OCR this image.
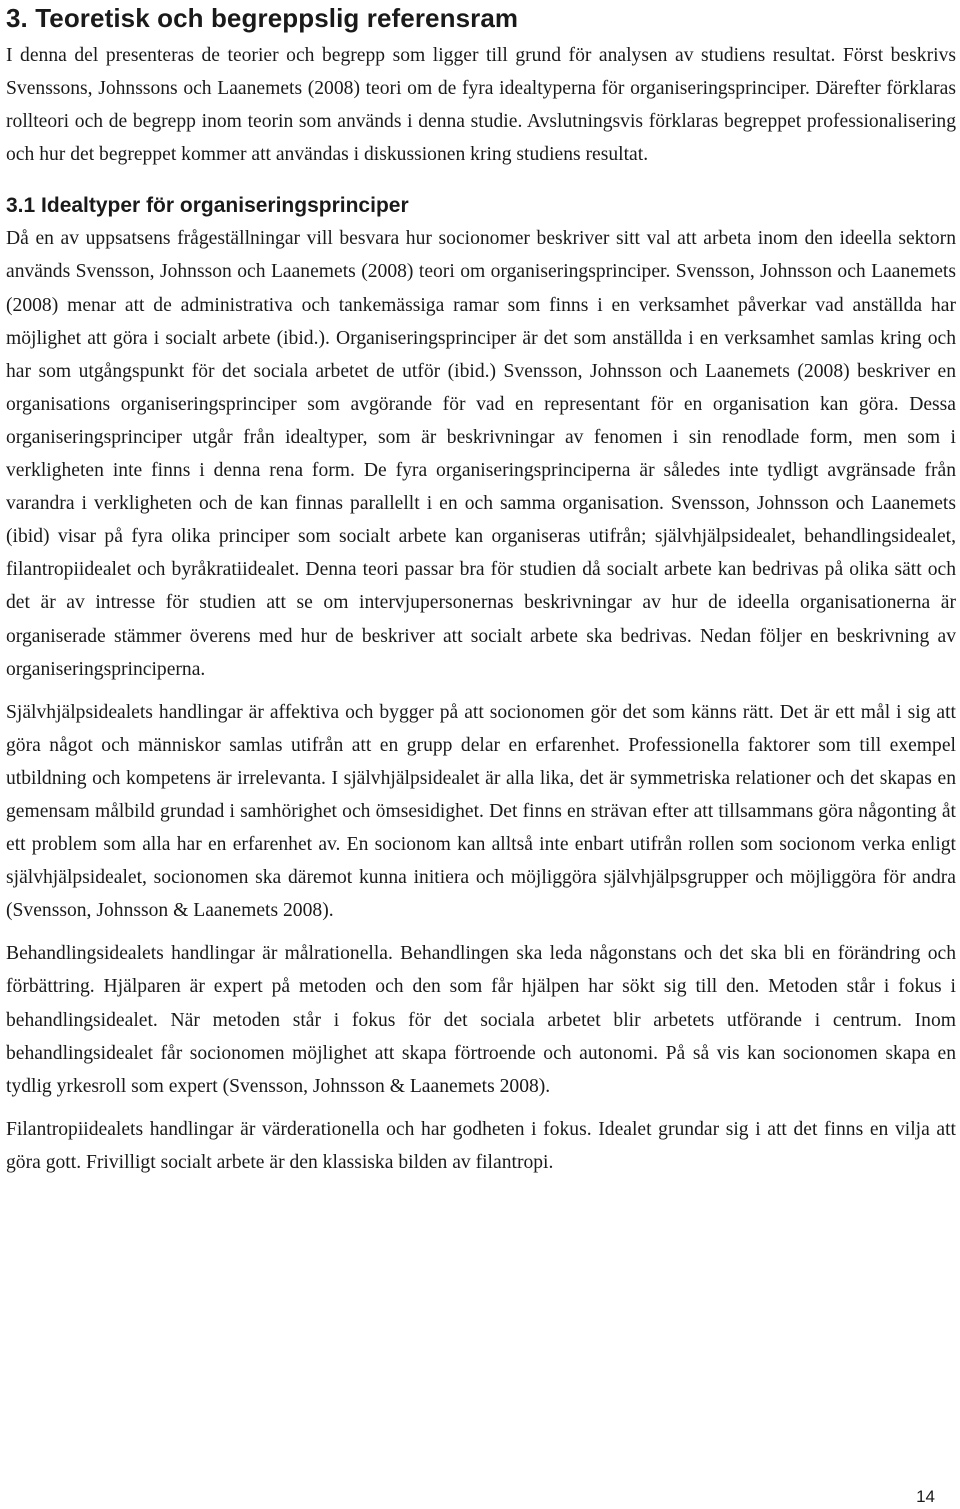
3. Teoretisk och begreppslig referensram

I denna del presenteras de teorier och begrepp som ligger till grund för analysen av studiens resultat. Först beskrivs Svenssons, Johnssons och Laanemets (2008) teori om de fyra idealtyperna för organiseringsprinciper. Därefter förklaras rollteori och de begrepp inom teorin som används i denna studie. Avslutningsvis förklaras begreppet professionalisering och hur det begreppet kommer att användas i diskussionen kring studiens resultat.

3.1 Idealtyper för organiseringsprinciper

Då en av uppsatsens frågeställningar vill besvara hur socionomer beskriver sitt val att arbeta inom den ideella sektorn används Svensson, Johnsson och Laanemets (2008) teori om organiseringsprinciper. Svensson, Johnsson och Laanemets (2008) menar att de administrativa och tankemässiga ramar som finns i en verksamhet påverkar vad anställda har möjlighet att göra i socialt arbete (ibid.). Organiseringsprinciper är det som anställda i en verksamhet samlas kring och har som utgångspunkt för det sociala arbetet de utför (ibid.) Svensson, Johnsson och Laanemets (2008) beskriver en organisations organiseringsprinciper som avgörande för vad en representant för en organisation kan göra. Dessa organiseringsprinciper utgår från idealtyper, som är beskrivningar av fenomen i sin renodlade form, men som i verkligheten inte finns i denna rena form. De fyra organiseringsprinciperna är således inte tydligt avgränsade från varandra i verkligheten och de kan finnas parallellt i en och samma organisation. Svensson, Johnsson och Laanemets (ibid) visar på fyra olika principer som socialt arbete kan organiseras utifrån; självhjälpsidealet, behandlingsidealet, filantropiidealet och byråkratiidealet. Denna teori passar bra för studien då socialt arbete kan bedrivas på olika sätt och det är av intresse för studien att se om intervjupersonernas beskrivningar av hur de ideella organisationerna är organiserade stämmer överens med hur de beskriver att socialt arbete ska bedrivas. Nedan följer en beskrivning av organiseringsprinciperna.

Självhjälpsidealets handlingar är affektiva och bygger på att socionomen gör det som känns rätt. Det är ett mål i sig att göra något och människor samlas utifrån att en grupp delar en erfarenhet. Professionella faktorer som till exempel utbildning och kompetens är irrelevanta. I självhjälpsidealet är alla lika, det är symmetriska relationer och det skapas en gemensam målbild grundad i samhörighet och ömsesidighet. Det finns en strävan efter att tillsammans göra någonting åt ett problem som alla har en erfarenhet av. En socionom kan alltså inte enbart utifrån rollen som socionom verka enligt självhjälpsidealet, socionomen ska däremot kunna initiera och möjliggöra självhjälpsgrupper och möjliggöra för andra (Svensson, Johnsson & Laanemets 2008).

Behandlingsidealets handlingar är målrationella. Behandlingen ska leda någonstans och det ska bli en förändring och förbättring. Hjälparen är expert på metoden och den som får hjälpen har sökt sig till den. Metoden står i fokus i behandlingsidealet. När metoden står i fokus för det sociala arbetet blir arbetets utförande i centrum. Inom behandlingsidealet får socionomen möjlighet att skapa förtroende och autonomi. På så vis kan socionomen skapa en tydlig yrkesroll som expert (Svensson, Johnsson & Laanemets 2008).

Filantropiidealets handlingar är värderationella och har godheten i fokus. Idealet grundar sig i att det finns en vilja att göra gott. Frivilligt socialt arbete är den klassiska bilden av filantropi.

14
